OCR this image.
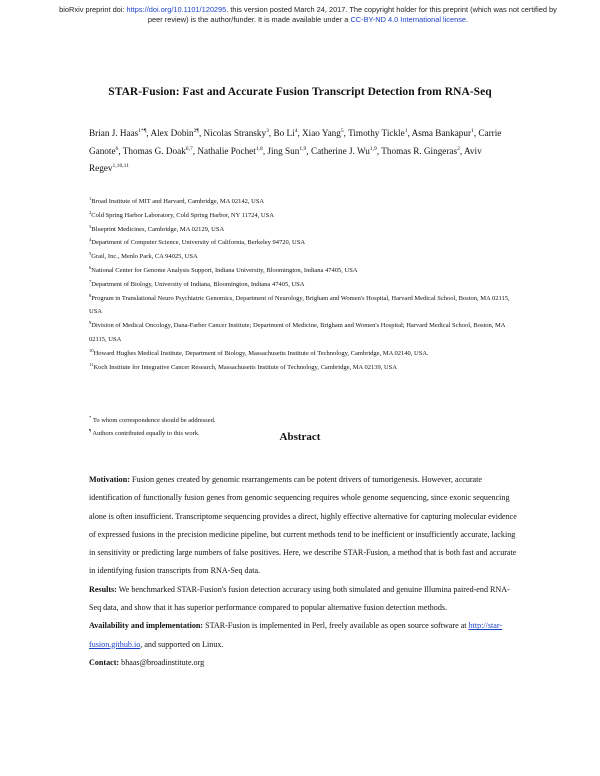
bioRxiv preprint doi: https://doi.org/10.1101/120295. this version posted March 24, 2017. The copyright holder for this preprint (which was not certified by peer review) is the author/funder. It is made available under a CC-BY-ND 4.0 International license.
STAR-Fusion: Fast and Accurate Fusion Transcript Detection from RNA-Seq
Brian J. Haas$^{1*\P}$, Alex Dobin$^{2\P}$, Nicolas Stransky$^3$, Bo Li$^4$, Xiao Yang$^5$, Timothy Tickle$^1$, Asma Bankapur$^1$, Carrie Ganote$^6$, Thomas G. Doak$^{6,7}$, Nathalie Pochet$^{1,8}$, Jing Sun$^{1,9}$, Catherine J. Wu$^{1,9}$, Thomas R. Gingeras$^2$, Aviv Regev$^{1,10,11}$
$^1$Broad Institute of MIT and Harvard, Cambridge, MA 02142, USA
$^2$Cold Spring Harbor Laboratory, Cold Spring Harbor, NY 11724, USA
$^3$Blueprint Medicines, Cambridge, MA 02129, USA
$^4$Department of Computer Science, University of California, Berkeley 94720, USA
$^5$Grail, Inc., Menlo Park, CA 94025, USA
$^6$National Center for Genome Analysis Support, Indiana University, Bloomington, Indiana 47405, USA
$^7$Department of Biology, University of Indiana, Bloomington, Indiana 47405, USA
$^8$Program in Translational Neuro Psychiatric Genomics, Department of Neurology, Brigham and Women's Hospital, Harvard Medical School, Boston, MA 02115, USA
$^9$Division of Medical Oncology, Dana-Farber Cancer Institute; Department of Medicine, Brigham and Women's Hospital; Harvard Medical School, Boston, MA 02115, USA
$^{10}$Howard Hughes Medical Institute, Department of Biology, Massachusetts Institute of Technology, Cambridge, MA 02140, USA.
$^{11}$Koch Institute for Integrative Cancer Research, Massachusetts Institute of Technology, Cambridge, MA 02139, USA
* To whom correspondence should be addressed.
¶ Authors contributed equally to this work.	Abstract

Motivation: Fusion genes created by genomic rearrangements can be potent drivers of tumorigenesis. However, accurate identification of functionally fusion genes from genomic sequencing requires whole genome sequencing, since exonic sequencing alone is often insufficient. Transcriptome sequencing provides a direct, highly effective alternative for capturing molecular evidence of expressed fusions in the precision medicine pipeline, but current methods tend to be inefficient or insufficiently accurate, lacking in sensitivity or predicting large numbers of false positives. Here, we describe STAR-Fusion, a method that is both fast and accurate in identifying fusion transcripts from RNA-Seq data.

Results: We benchmarked STAR-Fusion's fusion detection accuracy using both simulated and genuine Illumina paired-end RNA-Seq data, and show that it has superior performance compared to popular alternative fusion detection methods.

Availability and implementation: STAR-Fusion is implemented in Perl, freely available as open source software at http://star-fusion.github.io, and supported on Linux.

Contact: bhaas@broadinstitute.org
